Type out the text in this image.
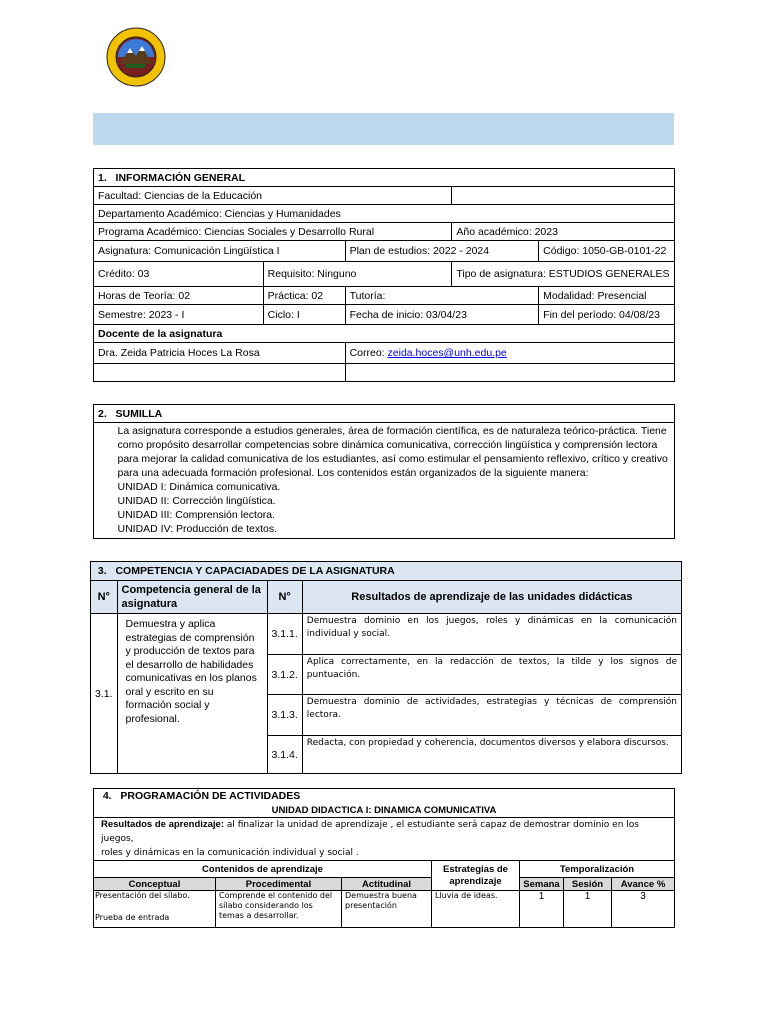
1. INFORMACIÓN GENERAL				
Facultad: Ciencias de la Educación				
Departamento Académico: Ciencias y Humanidades				
Programa Académico: Ciencias Sociales y Desarrollo Rural			Año académico: 2023	
Asignatura: Comunicación Lingüística I		Plan de estudios: 2022 - 2024		Código: 1050-GB-0101-22
Crédito: 03	Requisito: Ninguno		Tipo de asignatura: ESTUDIOS GENERALES	
Horas de Teoría: 02	Práctica: 02	Tutoría:		Modalidad: Presencial
Semestre: 2023 - I	Ciclo: I	Fecha de inicio: 03/04/23		Fin del período: 04/08/23
Docente de la asignatura				
Dra. Zeida Patricia Hoces La Rosa		Correo: zeida.hoces@unh.edu.pe		

2. SUMILLA

La asignatura corresponde a estudios generales, área de formación científica, es de naturaleza teórico-práctica. Tiene

como propósito desarrollar competencias sobre dinámica comunicativa, corrección lingüística y comprensión lectora

para mejorar la calidad comunicativa de los estudiantes, así como estimular el pensamiento reflexivo, crítico y creativo

para una adecuada formación profesional. Los contenidos están organizados de la siguiente manera:

UNIDAD I: Dinámica comunicativa.

UNIDAD II: Corrección lingüística.

UNIDAD III: Comprensión lectora.

UNIDAD IV: Producción de textos.

3. COMPETENCIA Y CAPACIADADES DE LA ASIGNATURA			
N°	Competencia general de la asignatura	N°	Resultados de aprendizaje de las unidades didácticas
3.1.	Demuestra y aplica estrategias de comprensión y producción de textos para el desarrollo de habilidades comunicativas en los planos oral y escrito en su formación social y profesional.	3.1.1.	Demuestra dominio en los juegos, roles y dinámicas en la comunicación individual y social.
		3.1.2.	Aplica correctamente, en la redacción de textos, la tilde y los signos de puntuación.
		3.1.3.	Demuestra dominio de actividades, estrategias y técnicas de comprensión lectora.
		3.1.4.	Redacta, con propiedad y coherencia, documentos diversos y elabora discursos.
4. PROGRAMACIÓN DE ACTIVIDADES						
UNIDAD DIDACTICA I: DINAMICA COMUNICATIVA						
Resultados de aprendizaje: al finalizar la unidad de aprendizaje , el estudiante será capaz de demostrar dominio en los juegos,
roles y dinámicas en la comunicación individual y social .						
Contenidos de aprendizaje			Estrategias de aprendizaje	Temporalización		
Conceptual	Procedimental	Actitudinal		Semana	Sesión	Avance %

Presentación del sílabo.
Prueba de entrada	Comprende el contenido del sílabo considerando los temas a desarrollar.	Demuestra buena presentación	Lluvia de ideas.	1	1	3
